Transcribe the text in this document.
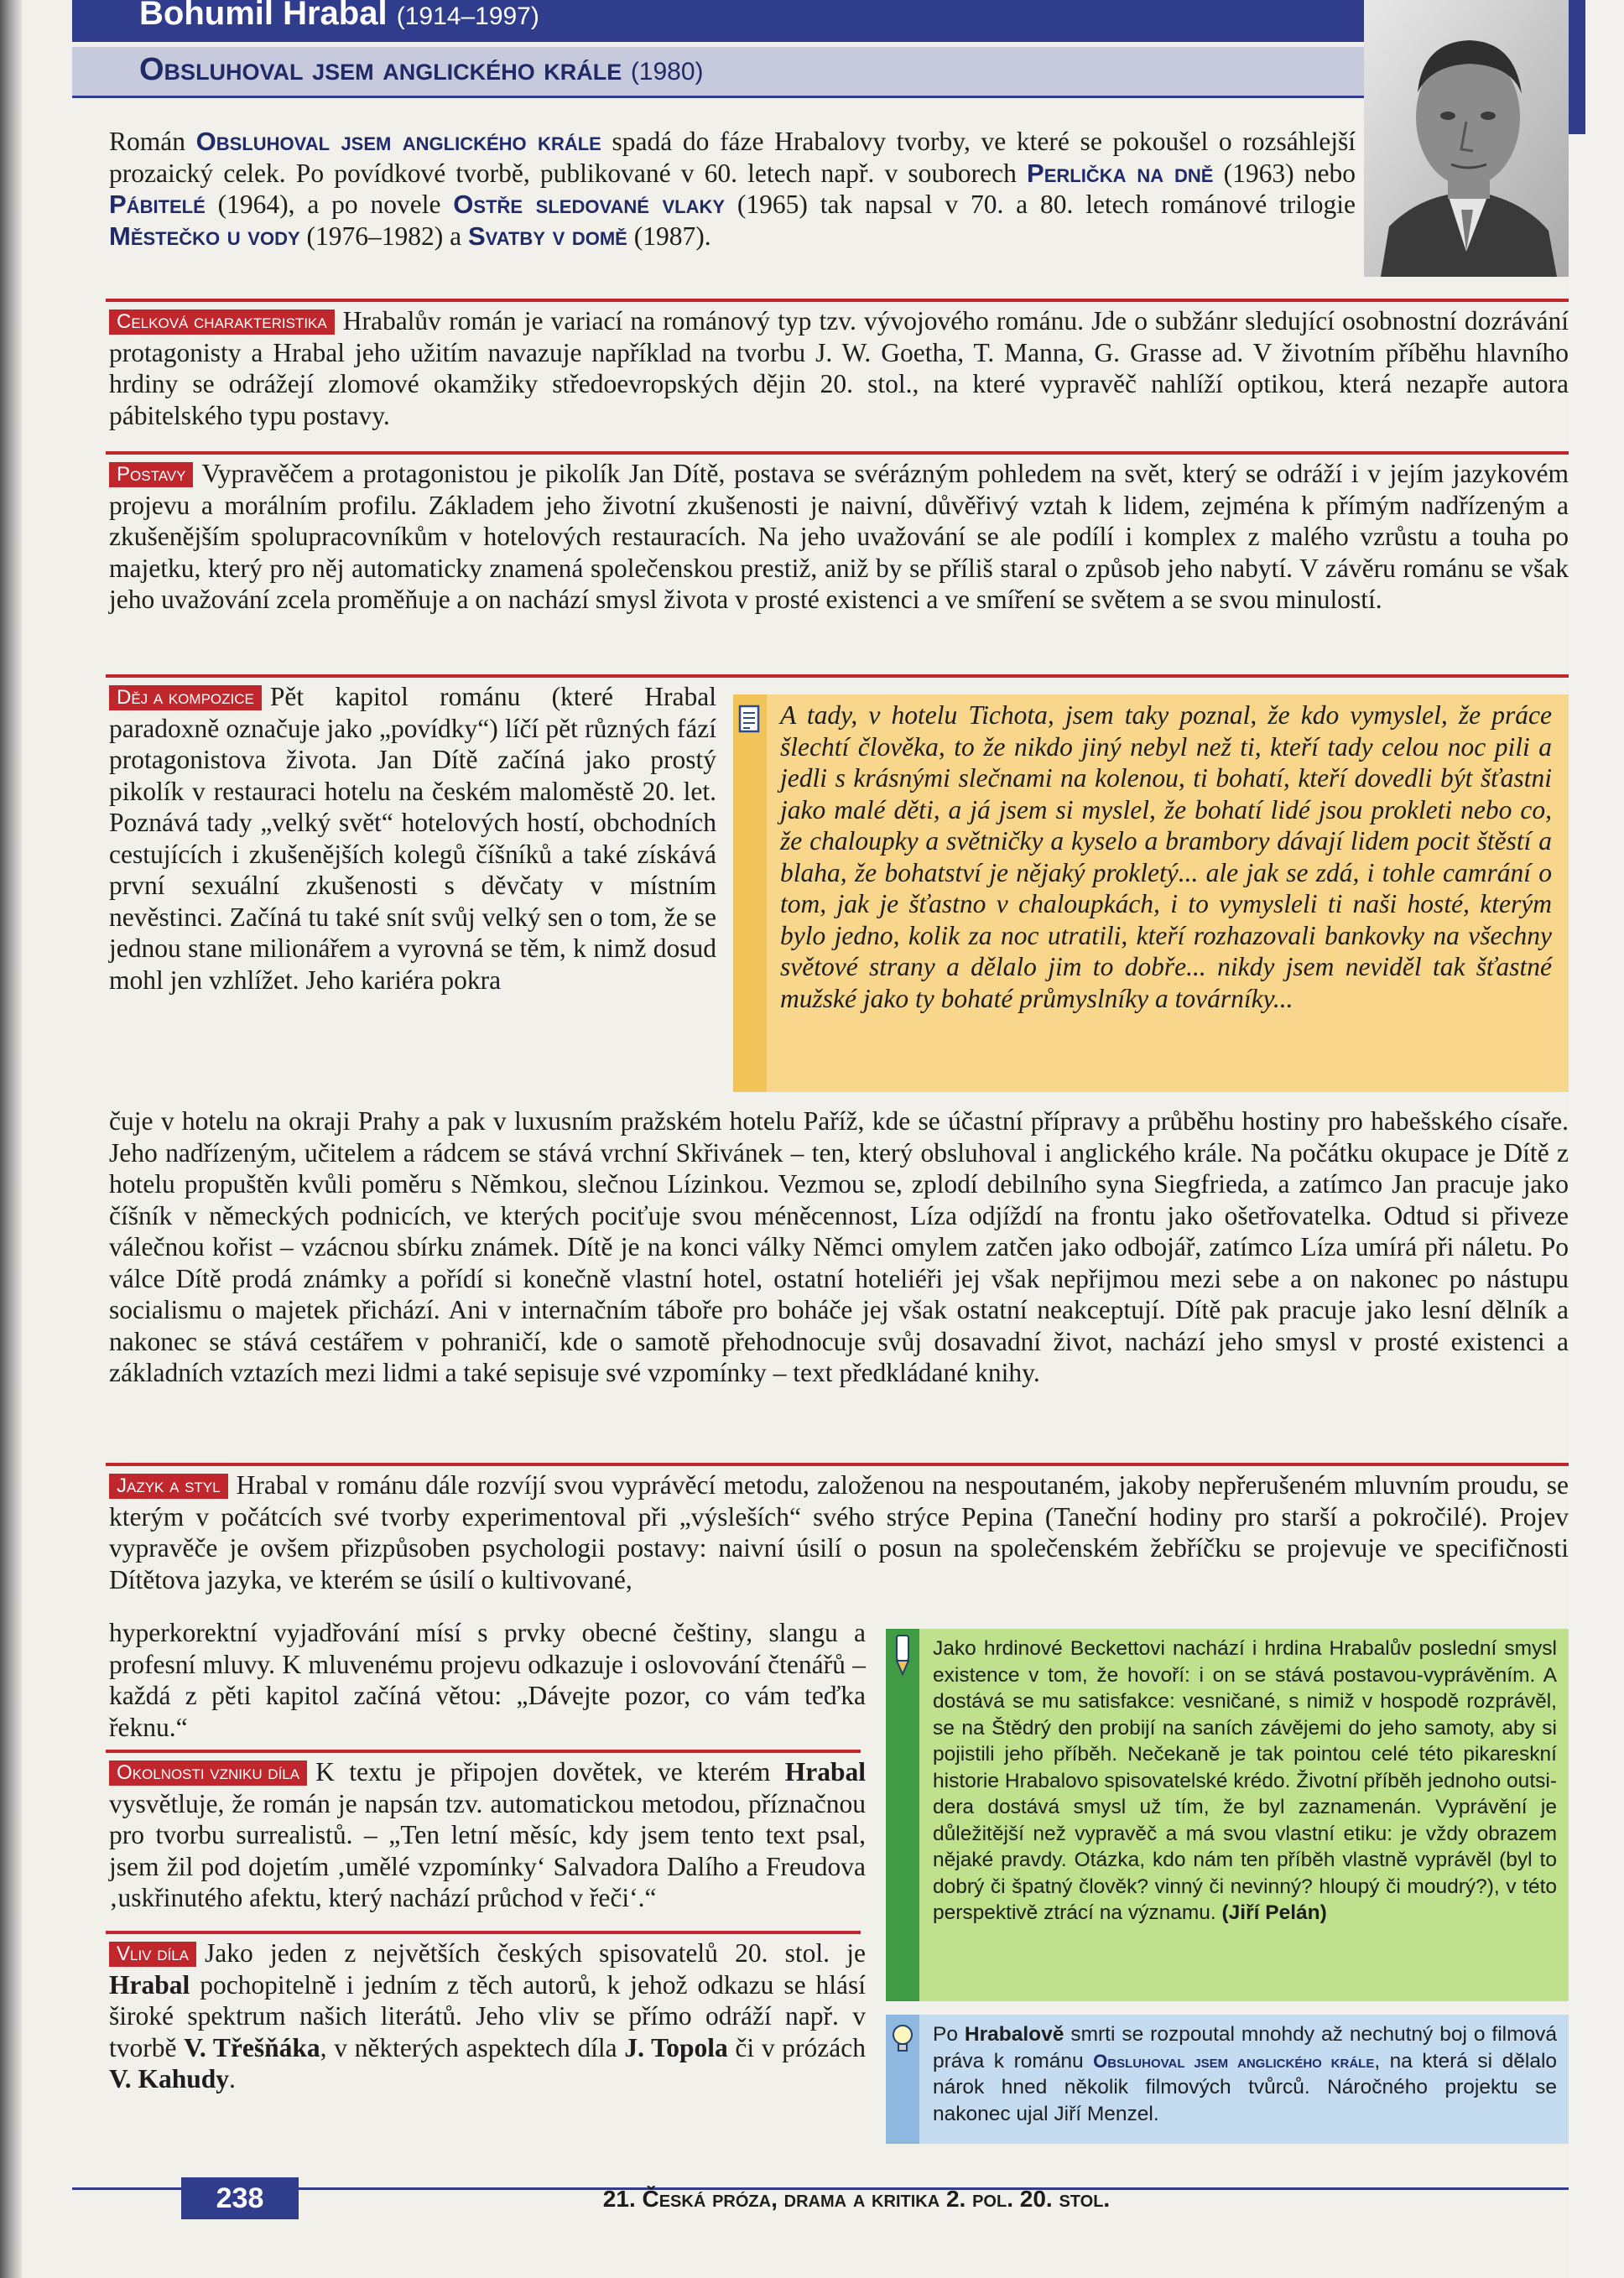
Bohumil Hrabal (1914–1997)
Obsluhoval jsem anglického krále (1980)
Román Obsluhoval jsem anglického krále spadá do fáze Hrabalovy tvorby, ve které se pokoušel o rozsáhlejší prozaický celek. Po povídkové tvorbě, publikované v 60. letech např. v souborech Perlička na dně (1963) nebo Pábitelé (1964), a po novele Ostře sledované vlaky (1965) tak napsal v 70. a 80. letech románové trilogie Městečko u vody (1976–1982) a Svatby v domě (1987).

Celková charakteristika Hrabalův román je variací na románový typ tzv. vývojového románu. Jde o subžánr sledující osobnostní dozrávání protagonisty a Hrabal jeho užitím navazuje například na tvorbu J. W. Goetha, T. Manna, G. Grasse ad. V životním příběhu hlavního hrdiny se odrážejí zlomové okamžiky středoevropských dějin 20. stol., na které vypravěč nahlíží optikou, která nezapře autora pábitelského typu postavy.

Postavy Vypravěčem a protagonistou je pikolík Jan Dítě, postava se svérázným pohledem na svět, který se odráží i v jejím jazykovém projevu a morálním profilu. Základem jeho životní zkušenosti je naivní, důvěřivý vztah k lidem, zejména k přímým nadřízeným a zkušenějším spolupracovníkům v hotelových restauracích. Na jeho uvažování se ale podílí i komplex z malého vzrůstu a touha po majetku, který pro něj automaticky znamená společenskou prestiž, aniž by se příliš staral o způsob jeho nabytí. V závěru románu se však jeho uvažování zcela proměňuje a on nachází smysl života v prosté existenci a ve smíření se světem a se svou minulostí.

Děj a kompozice Pět kapitol románu (které Hrabal paradoxně označuje jako „povídky“) líčí pět různých fází protagonistova života. Jan Dítě začíná jako prostý pikolík v restauraci hotelu na českém maloměstě 20. let. Poznává tady „velký svět“ hotelových hostí, obchodních cestujících i zkušenějších kolegů číšníků a také získává první sexuální zkušenosti s děvčaty v místním nevěstinci. Začíná tu také snít svůj velký sen o tom, že se jednou stane milionářem a vyrovná se těm, k nimž dosud mohl jen vzhlížet. Jeho kariéra pokra

A tady, v hotelu Tichota, jsem taky poznal, že kdo vymyslel, že práce šlechtí člověka, to že nikdo jiný nebyl než ti, kteří tady celou noc pili a jedli s krásnými slečnami na kolenou, ti bohatí, kteří dovedli být šťastni jako malé děti, a já jsem si myslel, že bohatí lidé jsou prokleti nebo co, že chaloupky a světničky a kyselo a brambory dávají lidem pocit štěstí a blaha, že bohatství je nějaký prokletý... ale jak se zdá, i tohle camrání o tom, jak je šťastno v chaloupkách, i to vymysleli ti naši hosté, kterým bylo jedno, kolik za noc utratili, kteří rozhazovali bankovky na všechny světové strany a dělalo jim to dobře... nikdy jsem neviděl tak šťastné mužské jako ty bohaté průmyslníky a továrníky...

čuje v hotelu na okraji Prahy a pak v luxusním pražském hotelu Paříž, kde se účastní přípravy a průběhu hostiny pro habešského císaře. Jeho nadřízeným, učitelem a rádcem se stává vrchní Skřivánek – ten, který obsluhoval i anglického krále. Na počátku okupace je Dítě z hotelu propuštěn kvůli poměru s Němkou, slečnou Lízinkou. Vezmou se, zplodí debilního syna Siegfrieda, a zatímco Jan pracuje jako číšník v německých podnicích, ve kterých pociťuje svou méněcennost, Líza odjíždí na frontu jako ošetřovatelka. Odtud si přiveze válečnou kořist – vzácnou sbírku známek. Dítě je na konci války Němci omylem zatčen jako odbojář, zatímco Líza umírá při náletu. Po válce Dítě prodá známky a pořídí si konečně vlastní hotel, ostatní hoteliéři jej však nepřijmou mezi sebe a on nakonec po nástupu socialismu o majetek přichází. Ani v internačním táboře pro boháče jej však ostatní neakceptují. Dítě pak pracuje jako lesní dělník a nakonec se stává cestářem v pohraničí, kde o samotě přehodnocuje svůj dosavadní život, nachází jeho smysl v prosté existenci a základních vztazích mezi lidmi a také sepisuje své vzpomínky – text předkládané knihy.

Jazyk a styl Hrabal v románu dále rozvíjí svou vyprávěcí metodu, založenou na nespoutaném, jakoby nepřerušeném mluvním proudu, se kterým v počátcích své tvorby experimentoval při „výsleších“ svého strýce Pepina (Taneční hodiny pro starší a pokročilé). Projev vypravěče je ovšem přizpůsoben psychologii postavy: naivní úsilí o posun na společenském žebříčku se projevuje ve specifičnosti Dítětova jazyka, ve kterém se úsilí o kultivované,

hyperkorektní vyjadřování mísí s prvky obecné češtiny, slangu a profesní mluvy. K mluvenému projevu odkazuje i oslovování čtenářů – každá z pěti kapitol začíná větou: „Dávejte pozor, co vám teďka řeknu.“

Okolnosti vzniku díla K textu je připojen dovětek, ve kterém Hrabal vysvětluje, že román je napsán tzv. automatickou metodou, příznačnou pro tvorbu surrealistů. – „Ten letní měsíc, kdy jsem tento text psal, jsem žil pod dojetím ‚umělé vzpomínky‘ Salvadora Dalího a Freudova ‚uskřinutého afektu, který nachází průchod v řeči‘.“

Vliv díla Jako jeden z největších českých spisovatelů 20. stol. je Hrabal pochopitelně i jedním z těch autorů, k jehož odkazu se hlásí široké spektrum našich literátů. Jeho vliv se přímo odráží např. v tvorbě V. Třešňáka, v některých aspektech díla J. Topola či v prózách V. Kahudy.

Jako hrdinové Beckettovi nachází i hrdina Hrabalův poslední smysl existence v tom, že hovoří: i on se stává postavou-vyprávěním. A dostává se mu satisfakce: vesničané, s nimiž v hospodě rozprávěl, se na Štědrý den probijí na saních závějemi do jeho samoty, aby si pojistili jeho příběh. Nečekaně je tak pointou celé této pikareskní historie Hrabalovo spisovatelské krédo. Životní příběh jednoho outsidera dostává smysl už tím, že byl zaznamenán. Vyprávění je důležitější než vypravěč a má svou vlastní etiku: je vždy obrazem nějaké pravdy. Otázka, kdo nám ten příběh vlastně vyprávěl (byl to dobrý či špatný člověk? vinný či nevinný? hloupý či moudrý?), v této perspektivě ztrácí na významu. (Jiří Pelán)
Po Hrabalově smrti se rozpoutal mnohdy až nechutný boj o filmová práva k románu Obsluhoval jsem anglického krále, na která si dělalo nárok hned několik filmových tvůrců. Náročného projektu se nakonec ujal Jiří Menzel.
238	21. Česká próza, drama a kritika 2. pol. 20. stol.
